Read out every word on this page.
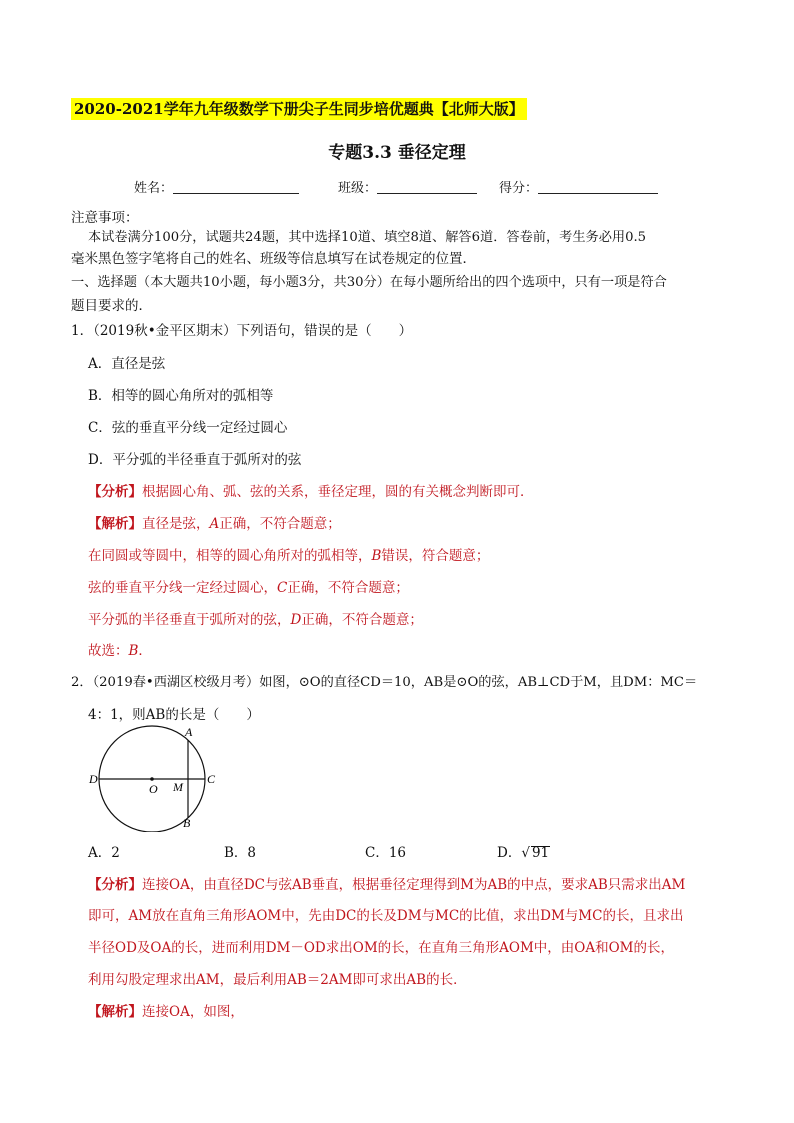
2020-2021学年九年级数学下册尖子生同步培优题典【北师大版】
专题3.3 垂径定理
姓名：	班级：	得分：
注意事项：
本试卷满分100分，试题共24题，其中选择10道、填空8道、解答6道．答卷前，考生务必用0.5
毫米黑色签字笔将自己的姓名、班级等信息填写在试卷规定的位置．
一、选择题（本大题共10小题，每小题3分，共30分）在每小题所给出的四个选项中，只有一项是符合
题目要求的．
1．（2019秋•金平区期末）下列语句，错误的是（　　）
A．直径是弦
B．相等的圆心角所对的弧相等
C．弦的垂直平分线一定经过圆心
D．平分弧的半径垂直于弧所对的弦
【分析】根据圆心角、弧、弦的关系，垂径定理，圆的有关概念判断即可．
【解析】直径是弦，A正确，不符合题意；
在同圆或等圆中，相等的圆心角所对的弧相等，B错误，符合题意；
弦的垂直平分线一定经过圆心，C正确，不符合题意；
平分弧的半径垂直于弧所对的弦，D正确，不符合题意；
故选：B．
2．（2019春•西湖区校级月考）如图，⊙O的直径CD＝10，AB是⊙O的弦，AB⊥CD于M，且DM：MC＝
4：1，则AB的长是（　　）
A
B
C
D
O M
A．2	B．8	C．16	D．√ 91
【分析】连接OA，由直径DC与弦AB垂直，根据垂径定理得到M为AB的中点，要求AB只需求出AM
即可，AM放在直角三角形AOM中，先由DC的长及DM与MC的比值，求出DM与MC的长，且求出
半径OD及OA的长，进而利用DM－OD求出OM的长，在直角三角形AOM中，由OA和OM的长，
利用勾股定理求出AM，最后利用AB＝2AM即可求出AB的长．
【解析】连接OA，如图，
